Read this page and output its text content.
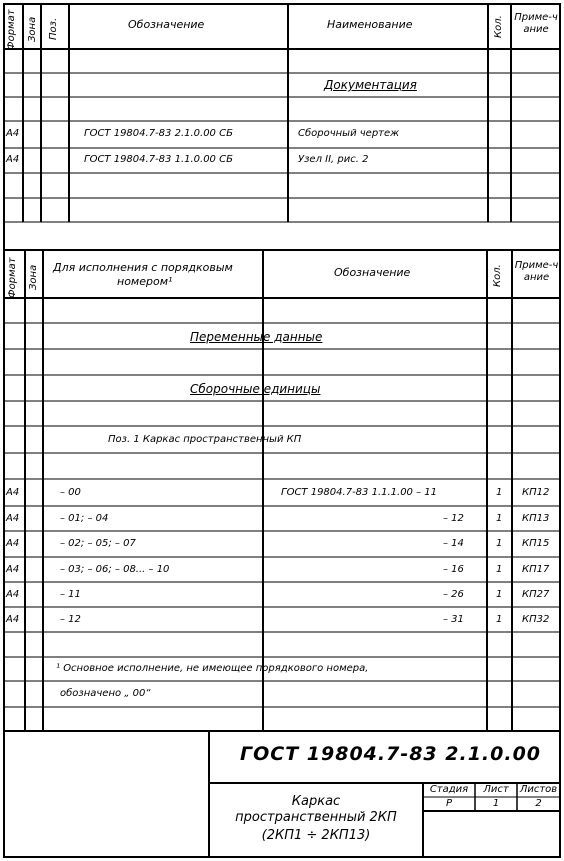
Формат Зона Поз.	Обозначение	Наименование	Кол. Приме-чание
Документация
А4	ГОСТ 19804.7-83 2.1.0.00 СБ	Сборочный чертеж
А4	ГОСТ 19804.7-83 1.1.0.00 СБ	Узел II, рис. 2
Формат Зона Для исполнения с порядковым
номером¹
Обозначение	Кол. Приме-чание
Переменные данные
Сборочные единицы
Поз. 1 Каркас пространственный КП
А4	– 00	ГОСТ 19804.7-83 1.1.1.00 – 11	1 КП12
А4	– 01; – 04	– 12	1 КП13
А4	– 02; – 05; – 07	– 14	1 КП15
А4	– 03; – 06; – 08... – 10	– 16	1 КП17
А4	– 11	– 26	1 КП27
А4	– 12	– 31	1 КП32
¹ Основное исполнение, не имеющее порядкового номера,
обозначено „ 00“
ГОСТ 19804.7-83 2.1.0.00
Каркас
пространственный 2КП
(2КП1 ÷ 2КП13)
Стадия	Лист	Листов
Р	1	2
